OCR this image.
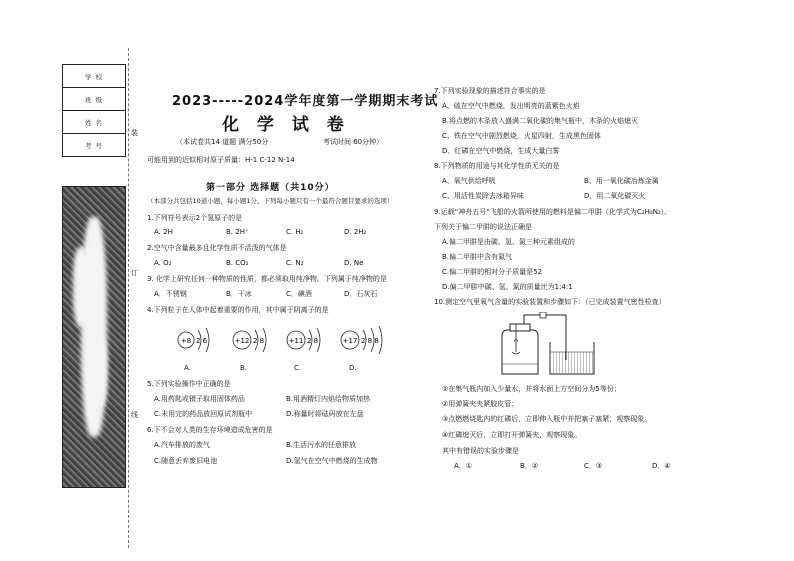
学 校
班 级
姓 名
考 号
装
订
线
2023-----2024学年度第一学期期末考试
化 学 试 卷
（本试卷共14 道题 满分50分	考试时间 60分钟）
可能用到的近似相对原子质量：H-1 C-12 N-14
第一部分 选择题（共10分）
（本部分共包括10道小题，每小题1分。下列每小题只有一个最符合题目要求的选项）
1.下列符号表示2个氢原子的是
A. 2H	B. 2H⁺	C. H₂	D. 2H₂
2.空气中含量最多且化学性质不活泼的气体是
A. O₂	B. CO₂	C. N₂	D. Ne
3. 化学上研究任何一种物质的性质，都必须取用纯净物。下列属于纯净物的是
A．不锈钢	B．干冰	C．碘酒	D．石灰石
4.下列粒子在人体中起着重要的作用，其中属于阴离子的是
+8 2 6	+12 2 8	+11 2 8	+17 2 8 8
A.	B.	C.	D.
5.下列实验操作中正确的是
A.用药匙或镊子取用固体药品	B.用酒精灯内焰给物质加热
C.未用完的药品放回原试剂瓶中	D.称量时将砝码放在左盘
6.下不会对人类的生存环境造成危害的是
A.汽车排放的废气	B.生活污水的任意排放
C.随意丢弃废旧电池	D.氢气在空气中燃烧的生成物
7.下列实验现象的描述符合事实的是
A、硫在空气中燃烧，发出明亮的蓝紫色火焰
B.将点燃的木条放入盛满二氧化碳的集气瓶中，木条的火焰熄灭
C、铁在空气中剧烈燃烧，火星四射，生成黑色固体
D、红磷在空气中燃烧，生成大量白雾
8.下列物质的用途与其化学性质无关的是
A、氧气供给呼吸	B、用一氧化碳冶炼金属
C、用活性炭除去冰箱异味	D、用二氧化碳灭火
9.运载“神舟五号”飞船的火箭所使用的燃料是偏二甲肼（化学式为C₂H₈N₂）。
下列关于偏二甲肼的说法正确是
A.偏二甲肼是由碳、氢、氮三种元素组成的
B.偏二甲肼中含有氮气
C.偏二甲肼的相对分子质量是52
D.偏二甲肼中碳、氢、氮的质量比为1:4:1
10.测定空气里氧气含量的实验装置和步骤如下：（已完成装置气密性检查）
①在集气瓶内加入少量水，并将水面上方空间分为5等份；
②用弹簧夹夹紧胶皮管；
③点燃燃烧匙内的红磷后，立即伸入瓶中并把塞子塞紧，观察现象。
④红磷熄灭后，立即打开弹簧夹，观察现象。
其中有错误的实验步骤是
A．①	B．②	C．③	D．④
